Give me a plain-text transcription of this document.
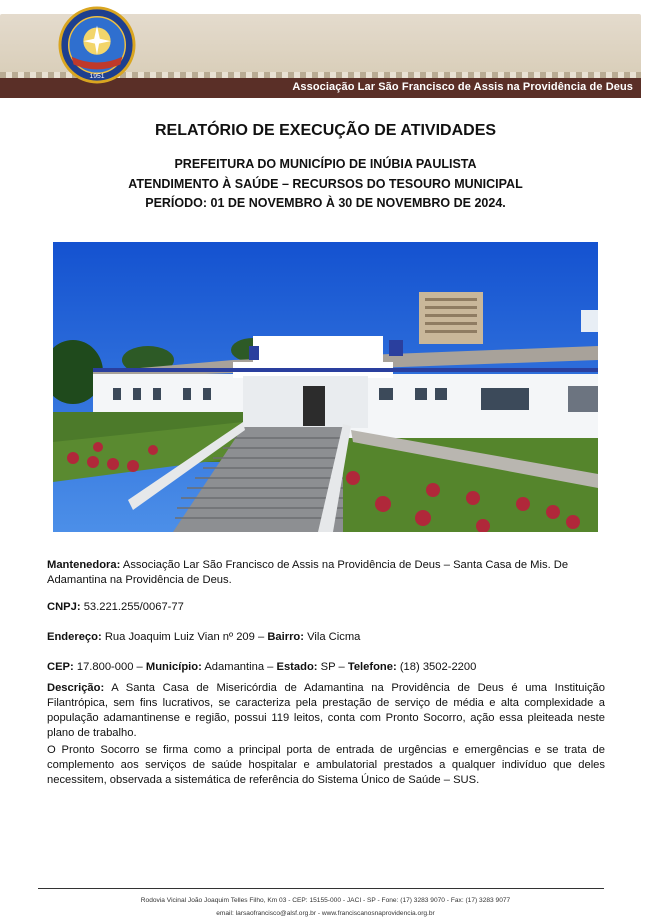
Associação Lar São Francisco de Assis na Providência de Deus
1951
RELATÓRIO DE EXECUÇÃO DE ATIVIDADES
PREFEITURA DO MUNICÍPIO DE INÚBIA PAULISTA
ATENDIMENTO À SAÚDE – RECURSOS DO TESOURO MUNICIPAL
PERÍODO: 01 DE NOVEMBRO À 30 DE NOVEMBRO DE 2024.
Mantenedora: Associação Lar São Francisco de Assis na Providência de Deus – Santa Casa de Mis. De Adamantina na Providência de Deus.
CNPJ: 53.221.255/0067-77
Endereço: Rua Joaquim Luiz Vian nº 209 – Bairro: Vila Cicma
CEP: 17.800-000 – Município: Adamantina – Estado: SP – Telefone: (18) 3502-2200
Descrição: A Santa Casa de Misericórdia de Adamantina na Providência de Deus é uma Instituição Filantrópica, sem fins lucrativos, se caracteriza pela prestação de serviço de média e alta complexidade a população adamantinense e região, possui 119 leitos, conta com Pronto Socorro, ação essa pleiteada neste plano de trabalho.
O Pronto Socorro se firma como a principal porta de entrada de urgências e emergências e se trata de complemento aos serviços de saúde hospitalar e ambulatorial prestados a qualquer indivíduo que deles necessitem, observada a sistemática de referência do Sistema Único de Saúde – SUS.
Rodovia Vicinal João Joaquim Telles Filho, Km 03 - CEP: 15155-000 - JACI - SP - Fone: (17) 3283 9070 - Fax: (17) 3283 9077
email: larsaofrancisco@alsf.org.br - www.franciscanosnaprovidencia.org.br
